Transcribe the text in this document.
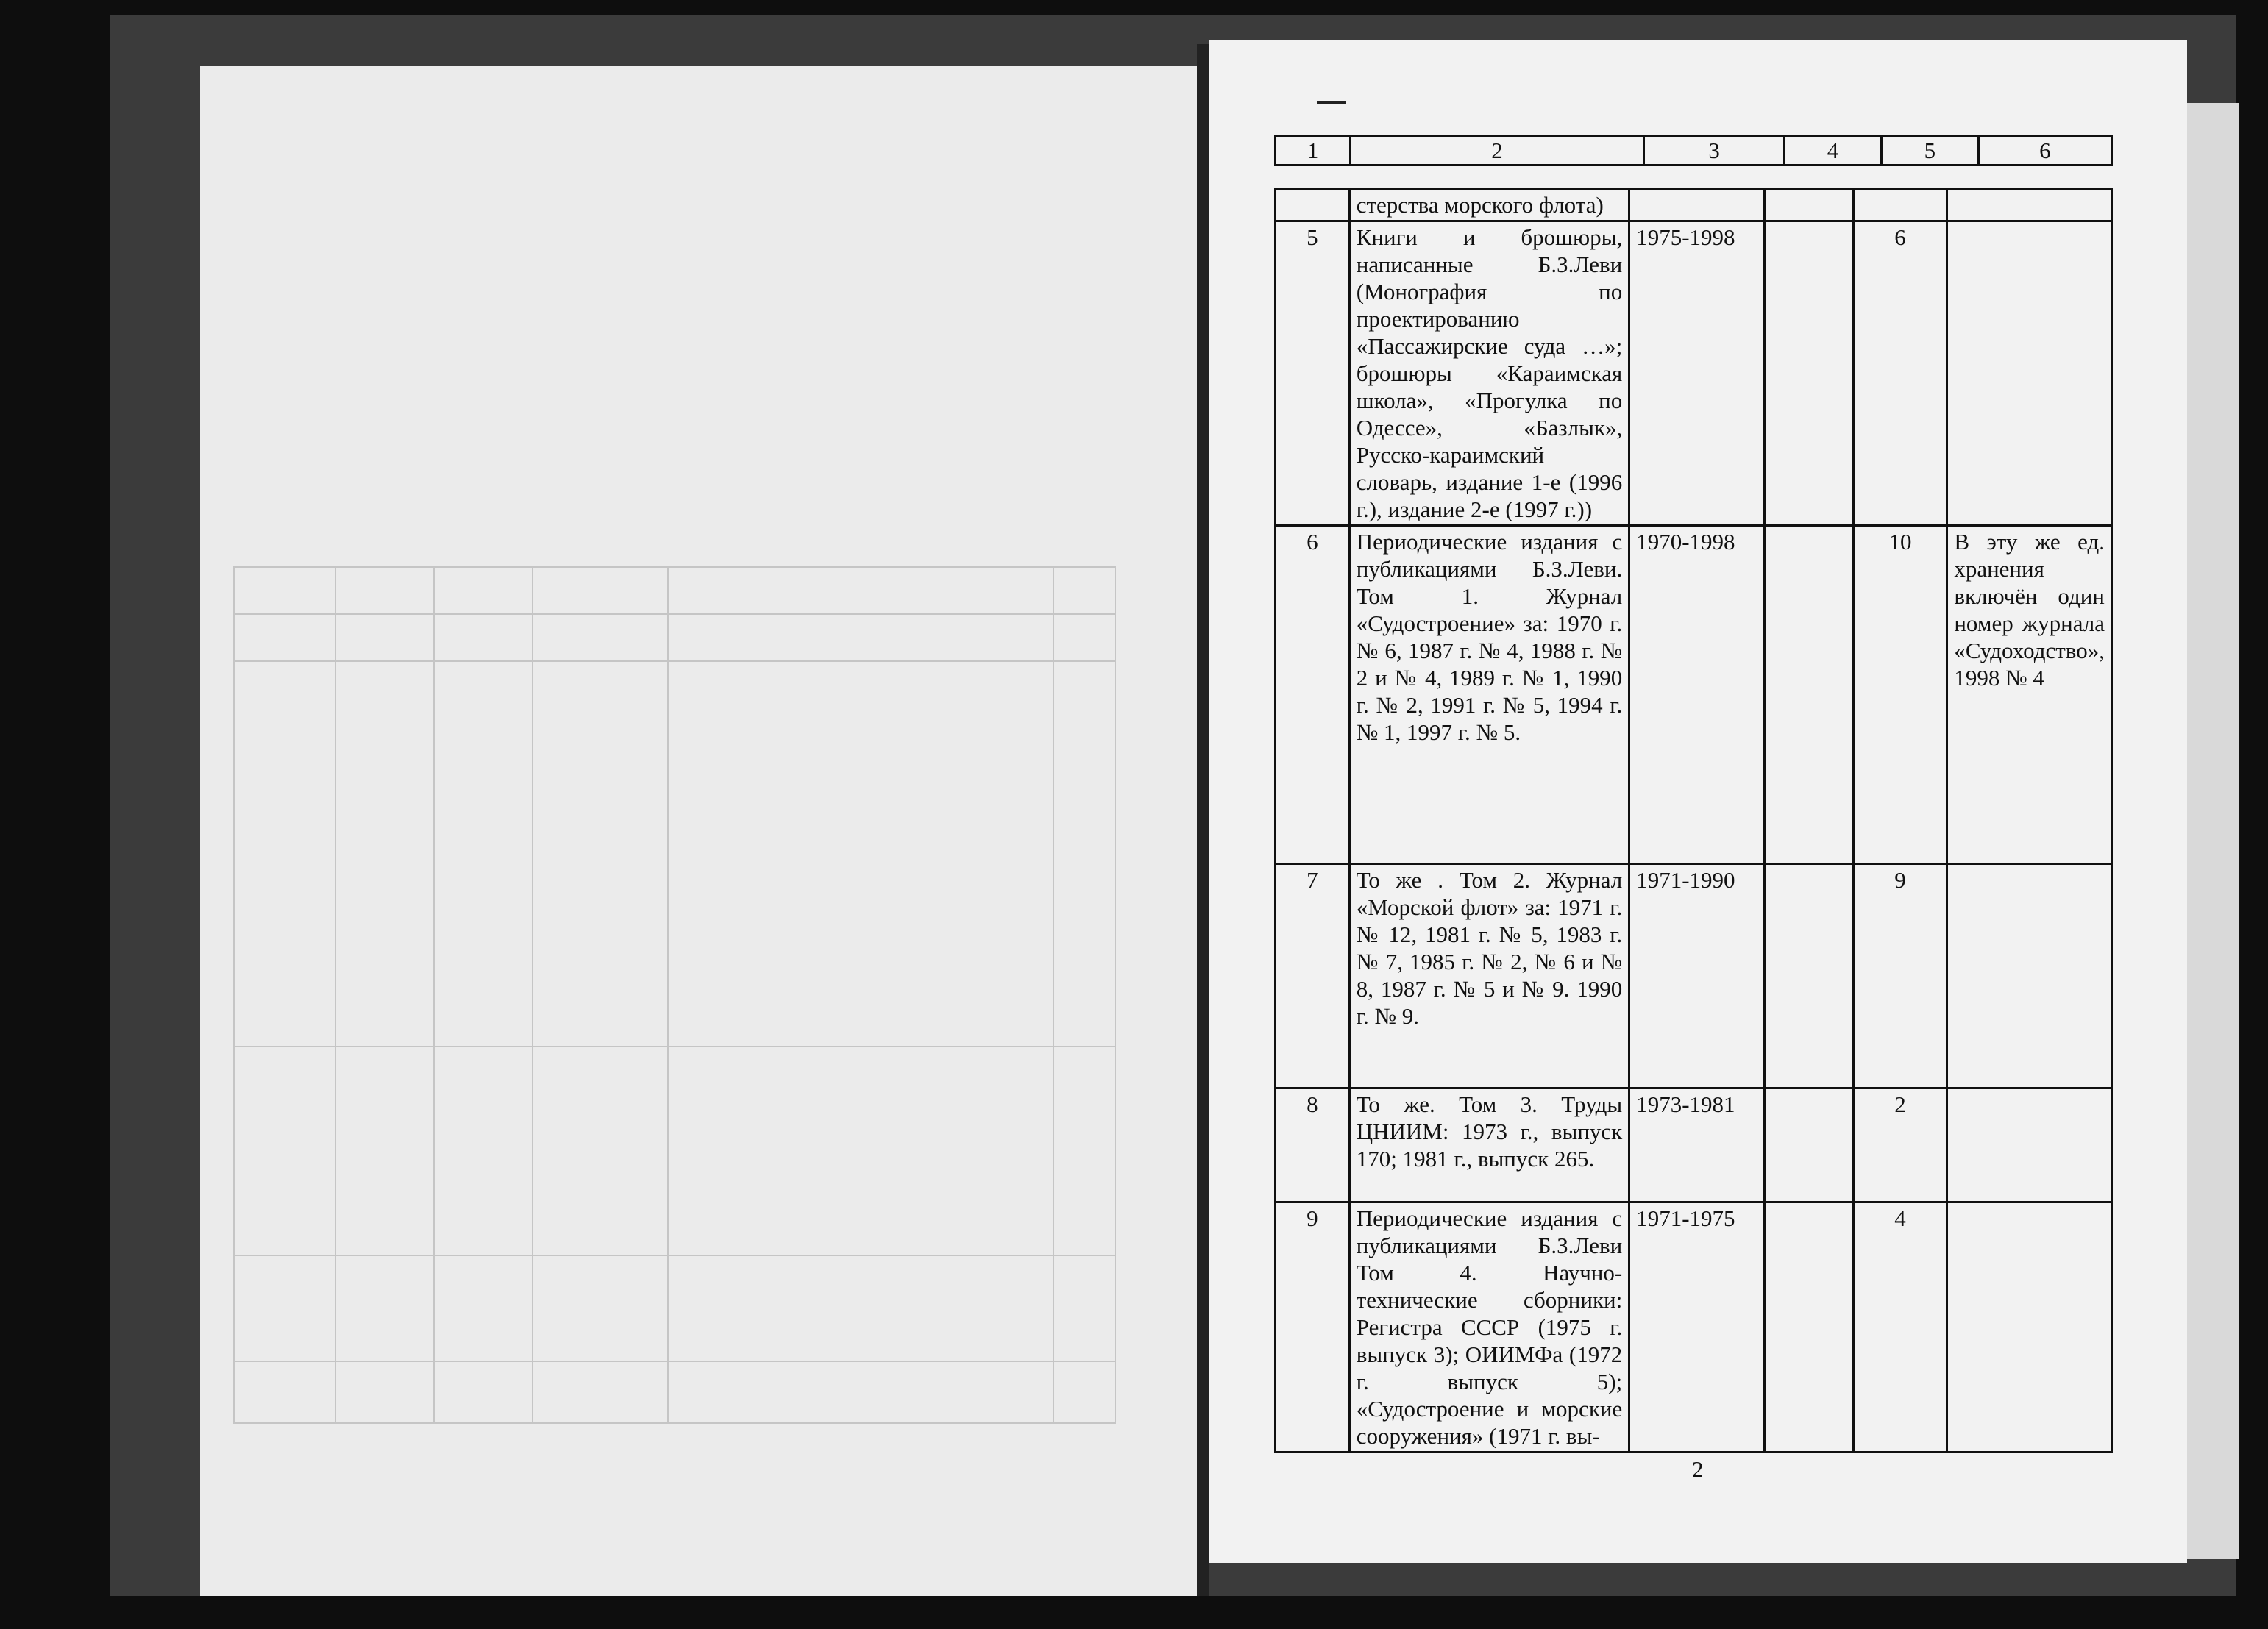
1	2	3	4	5	6
	стерства морского флота)				
5	Книги и брошюры, написанные Б.З.Леви (Монография по проектированию «Пассажирские суда …»; брошюры «Караимская школа», «Прогулка по Одессе», «Базлык», Русско-караимский словарь, издание 1-е (1996 г.), издание 2-е (1997 г.))	1975-1998		6	
6	Периодические издания с публикациями Б.З.Леви. Том 1. Журнал «Судостроение» за: 1970 г. № 6, 1987 г. № 4, 1988 г. № 2 и № 4, 1989 г. № 1, 1990 г. № 2, 1991 г. № 5, 1994 г. № 1, 1997 г. № 5.	1970-1998		10	В эту же ед. хранения включён один номер журнала «Судоходство», 1998 № 4
7	То же . Том 2. Журнал «Морской флот» за: 1971 г. № 12, 1981 г. № 5, 1983 г. № 7, 1985 г. № 2, № 6 и № 8, 1987 г. № 5 и № 9. 1990 г. № 9.	1971-1990		9	
8	То же. Том 3. Труды ЦНИИМ: 1973 г., выпуск 170; 1981 г., выпуск 265.	1973-1981		2	
9	Периодические издания с публикациями Б.З.Леви Том 4. Научно-технические сборники: Регистра СССР (1975 г. выпуск 3); ОИИМФа (1972 г. выпуск 5); «Судостроение и морские сооружения» (1971 г. вы-	1971-1975		4	
2
